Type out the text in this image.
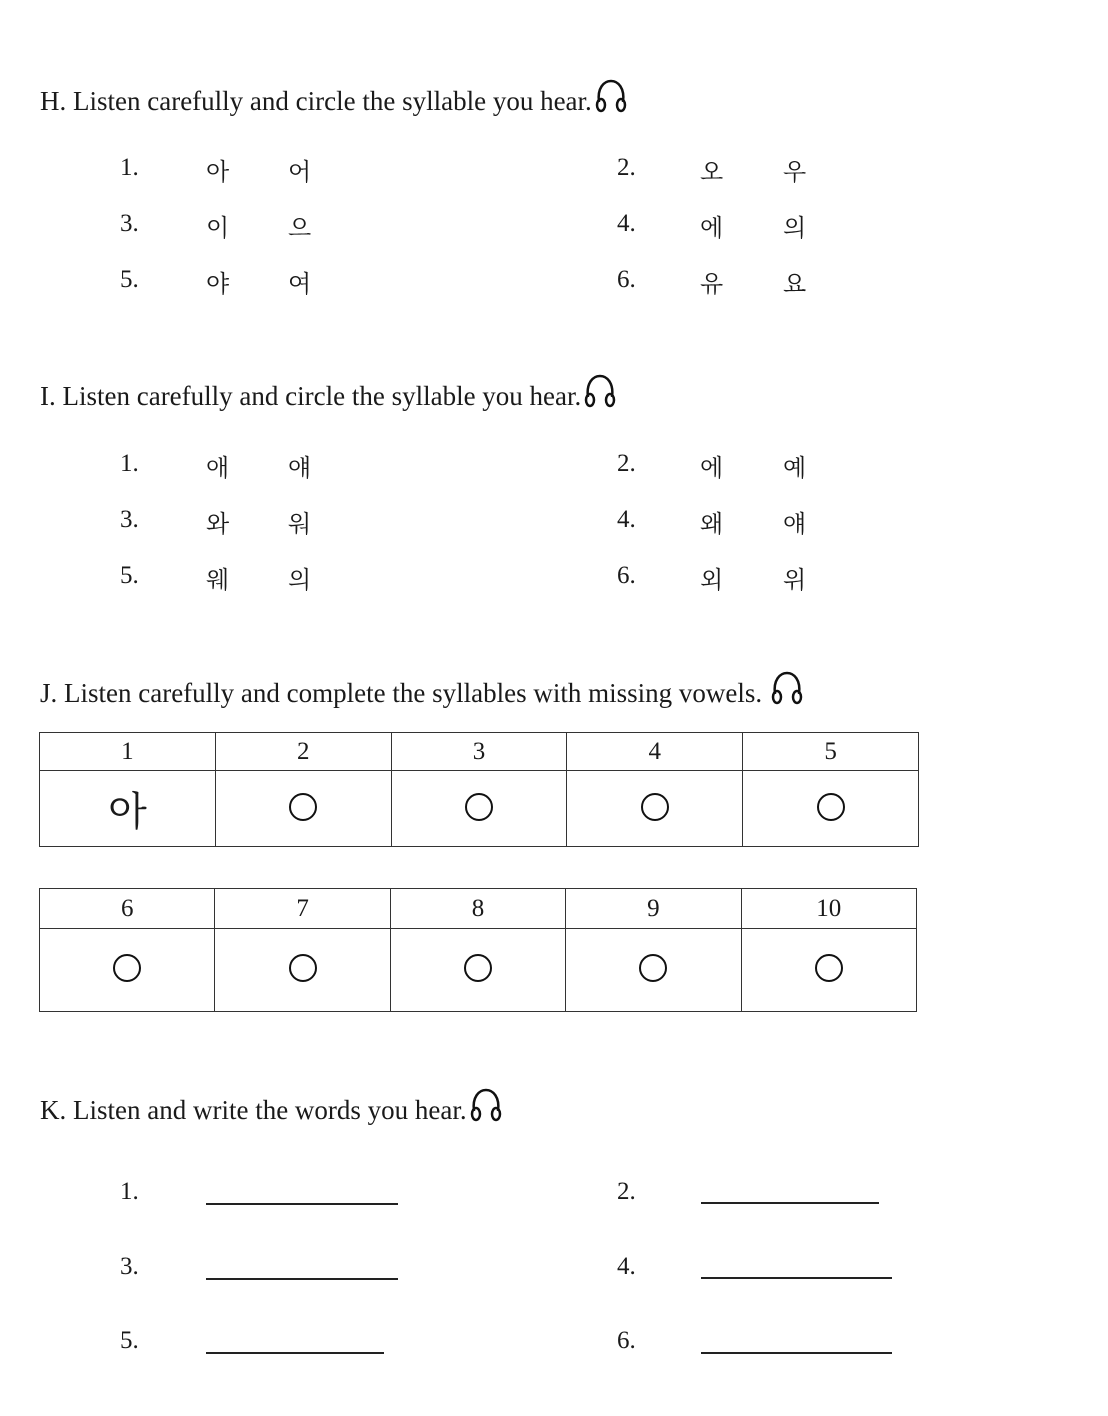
H. Listen carefully and circle the syllable you hear.
1.	아 어	2.	오 우
3.	이 으	4.	에 의
5.	야 여	6.	유 요
I. Listen carefully and circle the syllable you hear.
1.	애 얘	2.	에 예
3.	와 워	4.	왜 얘
5.	웨 의	6.	외 위
J. Listen carefully and complete the syllables with missing vowels.
1	2	3	4	5
아				
6	7	8	9	10

K. Listen and write the words you hear.
1.	2.
3.	4.
5.	6.
